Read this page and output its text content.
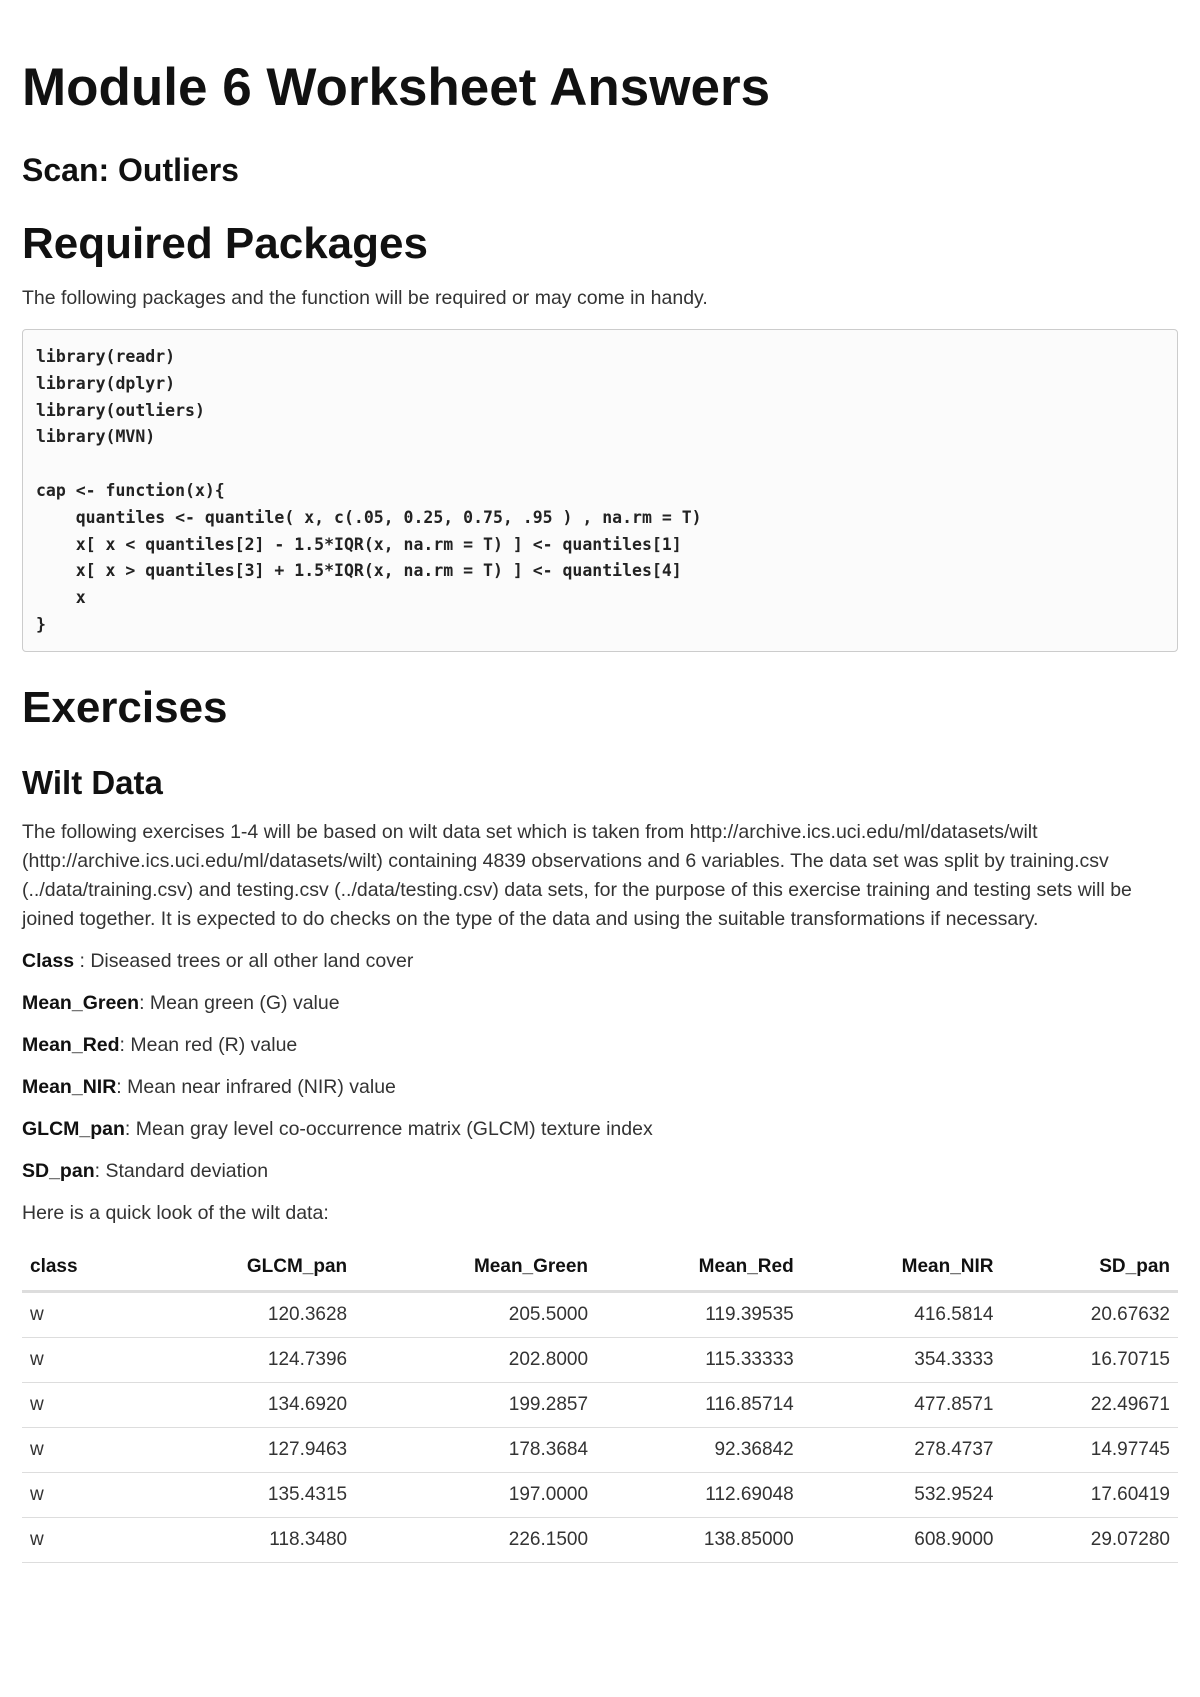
Module 6 Worksheet Answers
Scan: Outliers
Required Packages

The following packages and the function will be required or may come in handy.

library(readr)
library(dplyr)
library(outliers)
library(MVN)

cap <- function(x){
quantiles <- quantile( x, c(.05, 0.25, 0.75, .95 ) , na.rm = T)
x[ x < quantiles[2] - 1.5*IQR(x, na.rm = T) ] <- quantiles[1]
x[ x > quantiles[3] + 1.5*IQR(x, na.rm = T) ] <- quantiles[4]
x
}
Exercises
Wilt Data

The following exercises 1-4 will be based on wilt data set which is taken from http://archive.ics.uci.edu/ml/datasets/wilt (http://archive.ics.uci.edu/ml/datasets/wilt) containing 4839 observations and 6 variables. The data set was split by training.csv (../data/training.csv) and testing.csv (../data/testing.csv) data sets, for the purpose of this exercise training and testing sets will be joined together. It is expected to do checks on the type of the data and using the suitable transformations if necessary.

Class : Diseased trees or all other land cover

Mean_Green: Mean green (G) value

Mean_Red: Mean red (R) value

Mean_NIR: Mean near infrared (NIR) value

GLCM_pan: Mean gray level co-occurrence matrix (GLCM) texture index

SD_pan: Standard deviation

Here is a quick look of the wilt data:

class	GLCM_pan	Mean_Green	Mean_Red	Mean_NIR	SD_pan
w	120.3628	205.5000	119.39535	416.5814	20.67632
w	124.7396	202.8000	115.33333	354.3333	16.70715
w	134.6920	199.2857	116.85714	477.8571	22.49671
w	127.9463	178.3684	92.36842	278.4737	14.97745
w	135.4315	197.0000	112.69048	532.9524	17.60419
w	118.3480	226.1500	138.85000	608.9000	29.07280
